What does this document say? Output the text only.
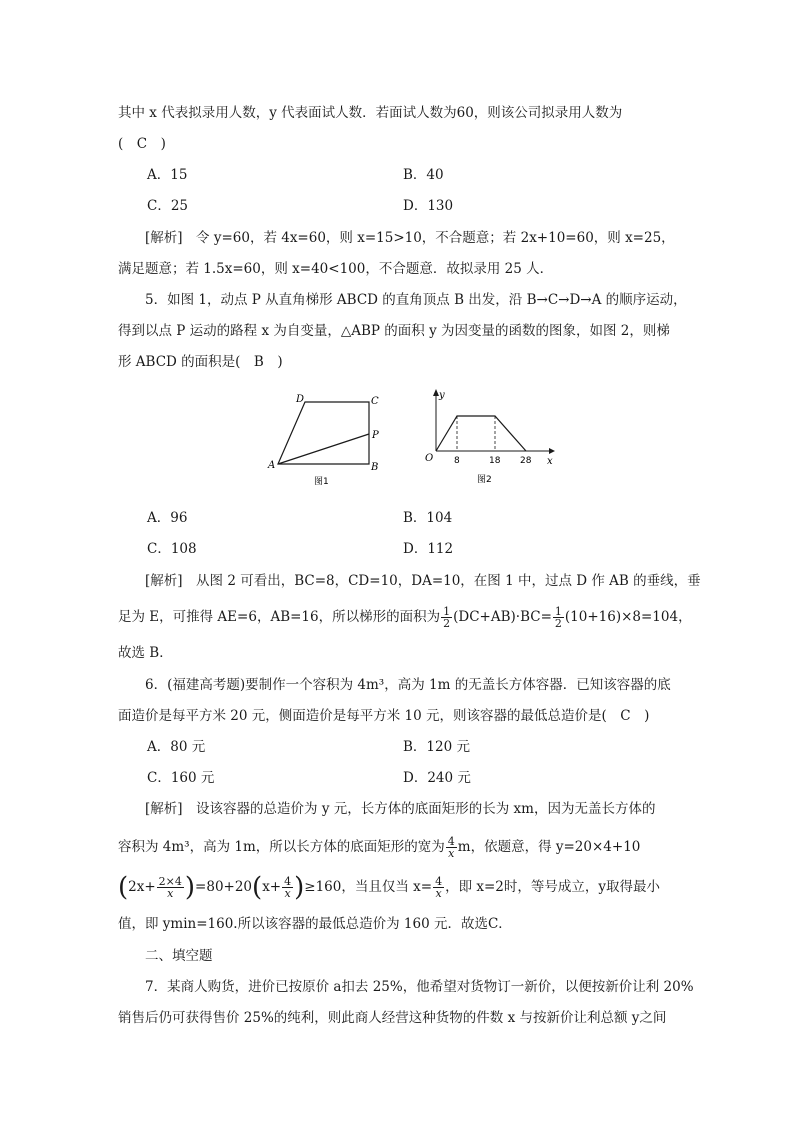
其中 x 代表拟录用人数，y 代表面试人数．若面试人数为60，则该公司拟录用人数为
(　C　)
A．15	B．40
C．25	D．130
[解析]　令 y=60，若 4x=60，则 x=15>10，不合题意；若 2x+10=60，则 x=25，
满足题意；若 1.5x=60，则 x=40<100，不合题意．故拟录用 25 人．
5．如图 1，动点 P 从直角梯形 ABCD 的直角顶点 B 出发，沿 B→C→D→A 的顺序运动，
得到以点 P 运动的路程 x 为自变量，△ABP 的面积 y 为因变量的函数的图象，如图 2，则梯
形 ABCD 的面积是(　B　)
D	C
P
A	B
图1
y
x
O 8	18 28
图2
A．96	B．104
C．108	D．112
[解析]　从图 2 可看出，BC=8，CD=10，DA=10，在图 1 中，过点 D 作 AB 的垂线，垂
足为 E，可推得 AE=6，AB=16，所以梯形的面积为 $\frac{1}{2} (DC+AB)\cdot BC= \frac{1}{2} (10+16)\times 8=104$，
故选 B．
6．(福建高考题)要制作一个容积为 4m³，高为 1m 的无盖长方体容器．已知该容器的底
面造价是每平方米 20 元，侧面造价是每平方米 10 元，则该容器的最低总造价是(　C　)
A．80 元	B．120 元
C．160 元	D．240 元
[解析]　设该容器的总造价为 y 元，长方体的底面矩形的长为 xm，因为无盖长方体的
容积为 4m³，高为 1m，所以长方体的底面矩形的宽为 $\frac{4}{x}$ m，依题意，得 y=20×4+10
$(2x+ \frac{2\times 4}{x} )=80+20(x+ \frac{4}{x} )\ge 160$，当且仅当 $x= \frac{4}{x}$ ，即 x=2时，等号成立，y取得最小
值，即 ymin=160.所以该容器的最低总造价为 160 元．故选C．
二、填空题
7．某商人购货，进价已按原价 a扣去 25%，他希望对货物订一新价，以便按新价让利 20%
销售后仍可获得售价 25%的纯利，则此商人经营这种货物的件数 x 与按新价让利总额 y之间
